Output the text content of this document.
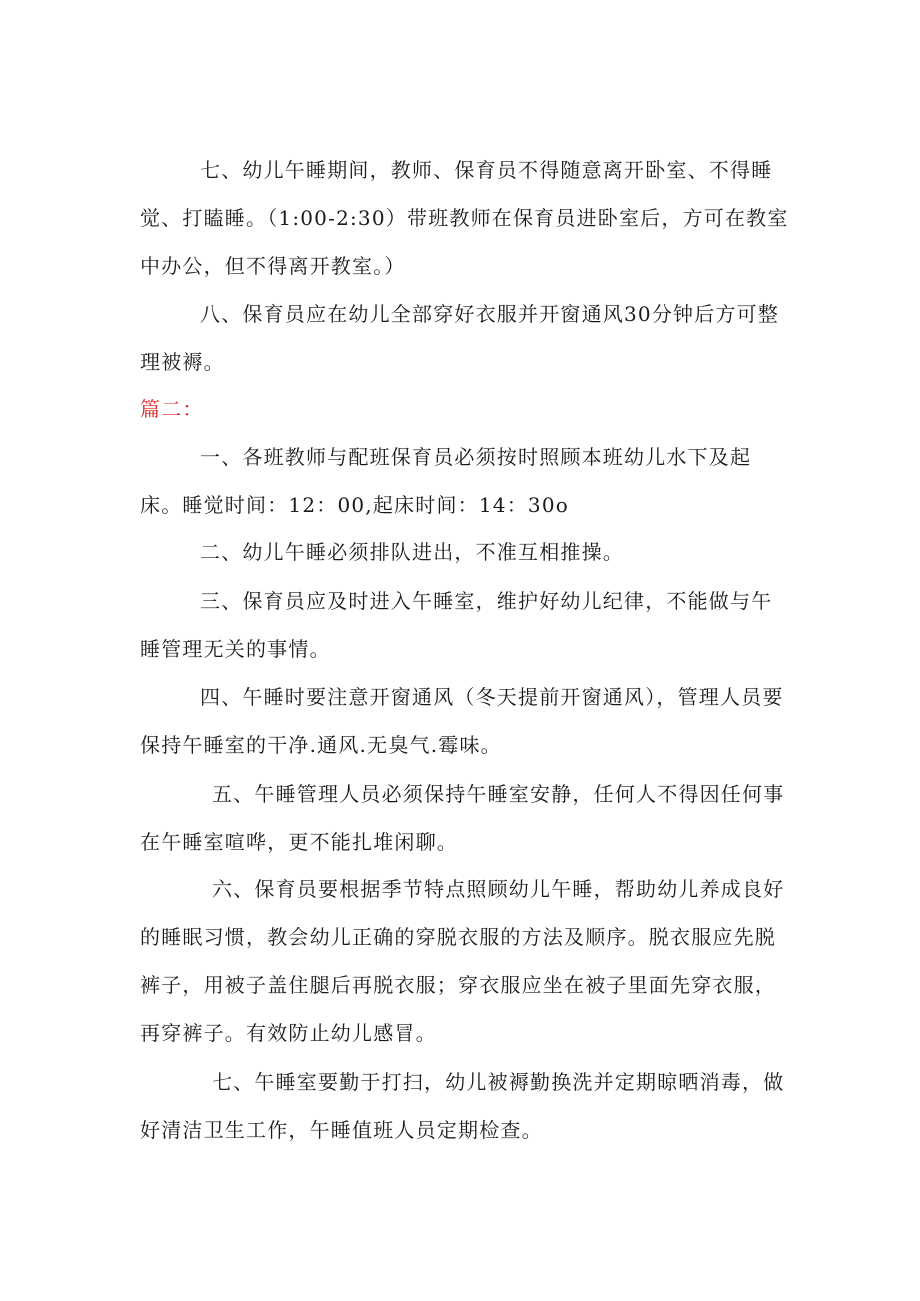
七、幼儿午睡期间，教师、保育员不得随意离开卧室、不得睡觉、打瞌睡。（1:00-2:30）带班教师在保育员进卧室后，方可在教室中办公，但不得离开教室。）

八、保育员应在幼儿全部穿好衣服并开窗通风30分钟后方可整理被褥。

篇二：

一、各班教师与配班保育员必须按时照顾本班幼儿水下及起床。睡觉时间：12：00,起床时间：14：30o

二、幼儿午睡必须排队进出，不准互相推操。

三、保育员应及时进入午睡室，维护好幼儿纪律，不能做与午睡管理无关的事情。

四、午睡时要注意开窗通风（冬天提前开窗通风），管理人员要保持午睡室的干净.通风.无臭气.霉味。

五、午睡管理人员必须保持午睡室安静，任何人不得因任何事在午睡室喧哗，更不能扎堆闲聊。

六、保育员要根据季节特点照顾幼儿午睡，帮助幼儿养成良好的睡眠习惯，教会幼儿正确的穿脱衣服的方法及顺序。脱衣服应先脱裤子，用被子盖住腿后再脱衣服；穿衣服应坐在被子里面先穿衣服，再穿裤子。有效防止幼儿感冒。

七、午睡室要勤于打扫，幼儿被褥勤换洗并定期晾晒消毒，做好清洁卫生工作，午睡值班人员定期检查。
